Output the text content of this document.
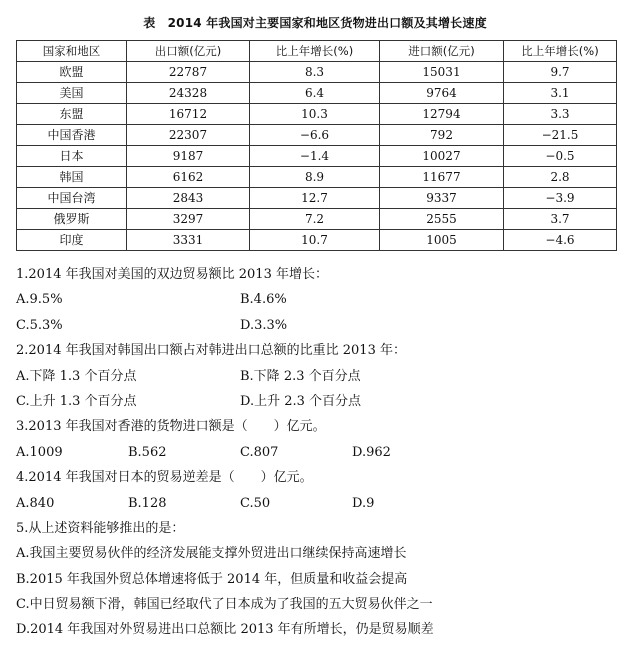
表　2014 年我国对主要国家和地区货物进出口额及其增长速度
国家和地区	出口额(亿元)	比上年增长(%)	进口额(亿元)	比上年增长(%)
欧盟	22787	8.3	15031	9.7
美国	24328	6.4	9764	3.1
东盟	16712	10.3	12794	3.3
中国香港	22307	−6.6	792	−21.5
日本	9187	−1.4	10027	−0.5
韩国	6162	8.9	11677	2.8
中国台湾	2843	12.7	9337	−3.9
俄罗斯	3297	7.2	2555	3.7
印度	3331	10.7	1005	−4.6
1.2014 年我国对美国的双边贸易额比 2013 年增长：
A.9.5%	B.4.6%
C.5.3%	D.3.3%
2.2014 年我国对韩国出口额占对韩进出口总额的比重比 2013 年：
A.下降 1.3 个百分点	B.下降 2.3 个百分点
C.上升 1.3 个百分点	D.上升 2.3 个百分点
3.2013 年我国对香港的货物进口额是（　　）亿元。
A.1009	B.562	C.807	D.962
4.2014 年我国对日本的贸易逆差是（　　）亿元。
A.840	B.128	C.50	D.9
5.从上述资料能够推出的是：
A.我国主要贸易伙伴的经济发展能支撑外贸进出口继续保持高速增长
B.2015 年我国外贸总体增速将低于 2014 年，但质量和收益会提高
C.中日贸易额下滑，韩国已经取代了日本成为了我国的五大贸易伙伴之一
D.2014 年我国对外贸易进出口总额比 2013 年有所增长，仍是贸易顺差
